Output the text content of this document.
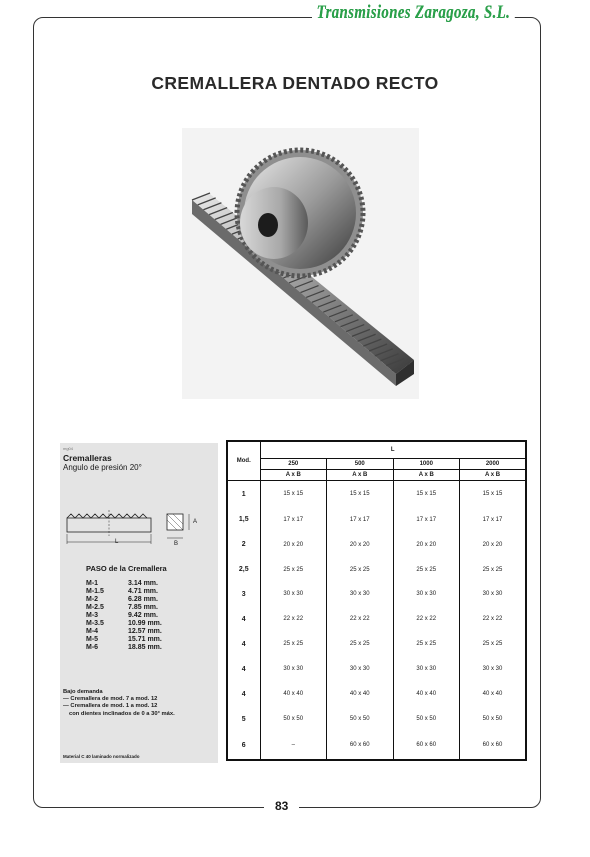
Transmisiones Zaragoza, S.L.
CREMALLERA DENTADO RECTO
mg04
Cremalleras
Angulo de presión 20°
A
B
L
PASO de la Cremallera
M-1	3.14 mm.
M-1.5	4.71 mm.
M-2	6.28 mm.
M-2.5	7.85 mm.
M-3	9.42 mm.
M-3.5	10.99 mm.
M-4	12.57 mm.
M-5	15.71 mm.
M-6	18.85 mm.
Bajo demanda
— Cremallera de mod. 7 a mod. 12
— Cremallera de mod. 1 a mod. 12
con dientes inclinados de 0 a 30° máx.
Material C 40 laminado normalizado
Mod.	L			
	250	500	1000	2000
	A x B	A x B	A x B	A x B
1	15 x 15	15 x 15	15 x 15	15 x 15
1,5	17 x 17	17 x 17	17 x 17	17 x 17
2	20 x 20	20 x 20	20 x 20	20 x 20
2,5	25 x 25	25 x 25	25 x 25	25 x 25
3	30 x 30	30 x 30	30 x 30	30 x 30
4	22 x 22	22 x 22	22 x 22	22 x 22
4	25 x 25	25 x 25	25 x 25	25 x 25
4	30 x 30	30 x 30	30 x 30	30 x 30
4	40 x 40	40 x 40	40 x 40	40 x 40
5	50 x 50	50 x 50	50 x 50	50 x 50
6	–	60 x 60	60 x 60	60 x 60
83
